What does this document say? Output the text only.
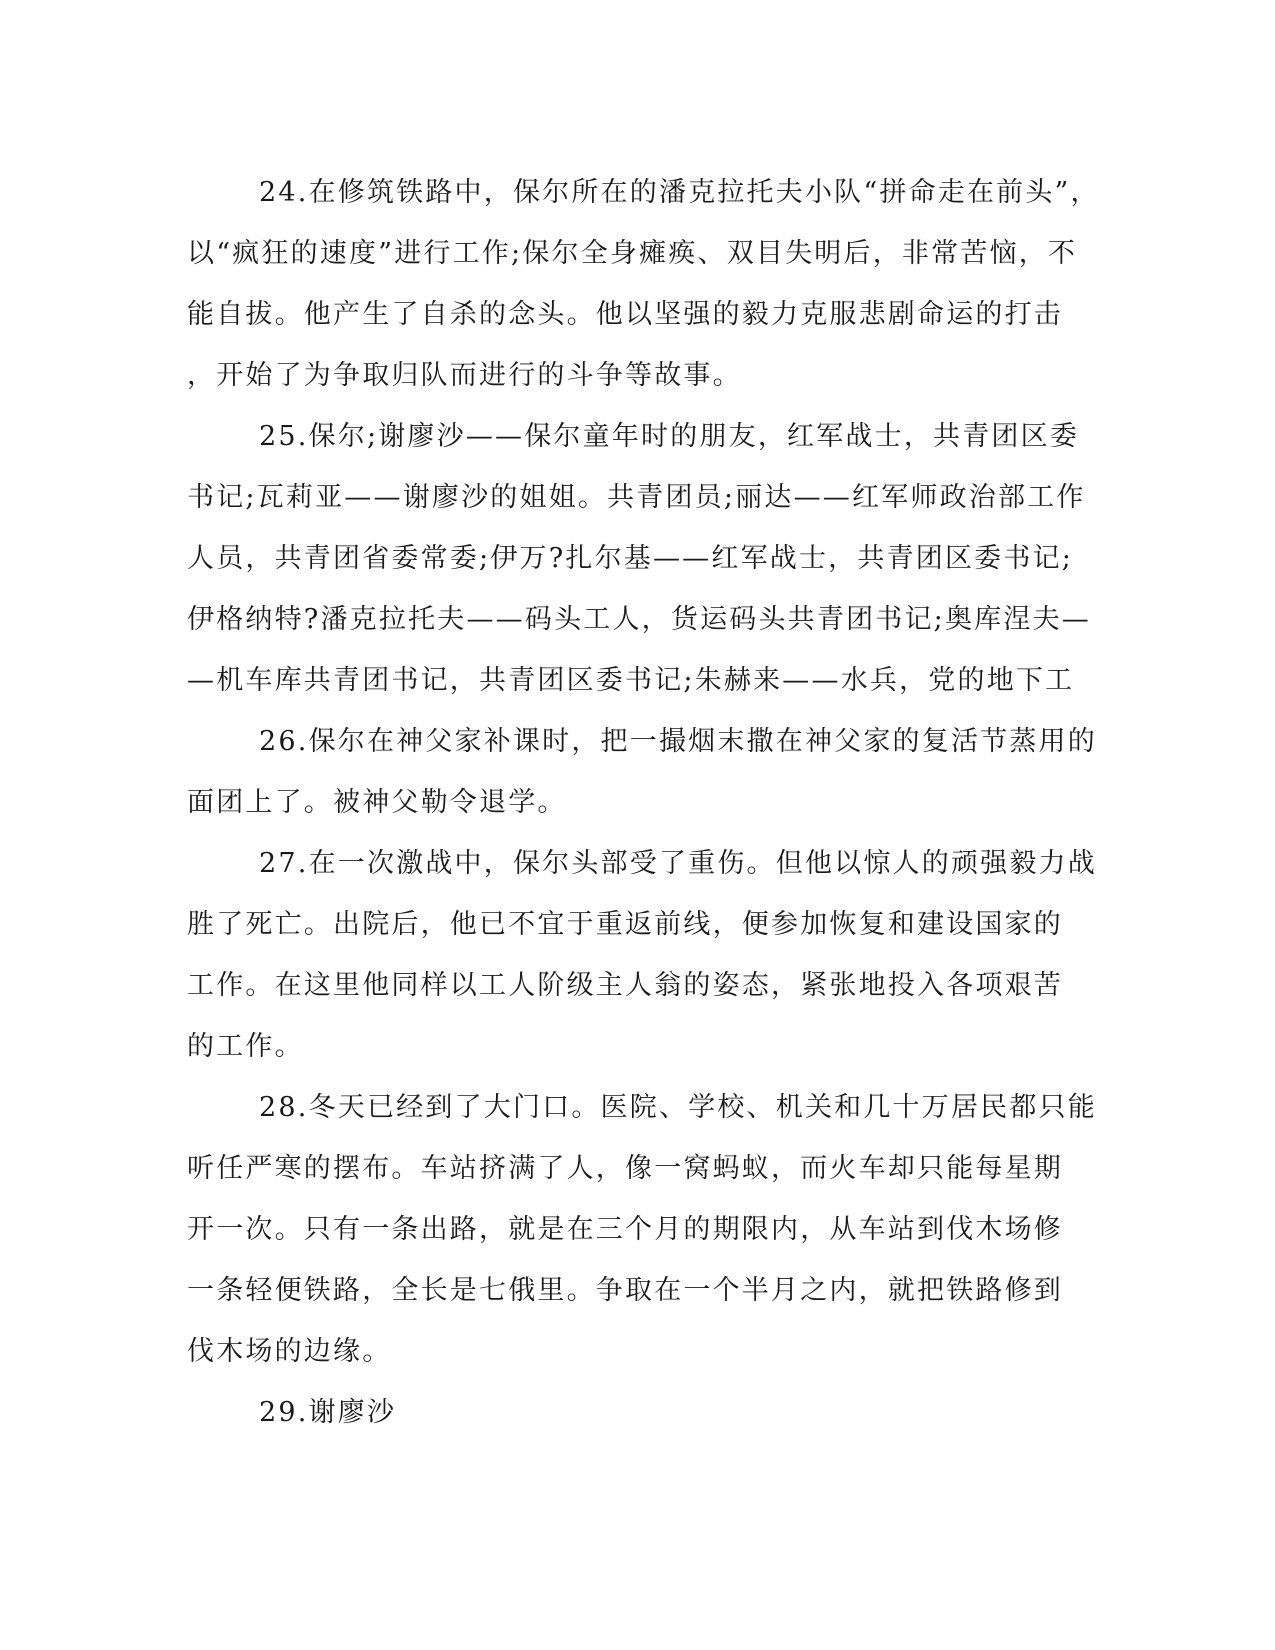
24.在修筑铁路中，保尔所在的潘克拉托夫小队“拼命走在前头”，
以“疯狂的速度”进行工作;保尔全身瘫痪、双目失明后，非常苦恼，不
能自拔。他产生了自杀的念头。他以坚强的毅力克服悲剧命运的打击
，开始了为争取归队而进行的斗争等故事。
25.保尔;谢廖沙——保尔童年时的朋友，红军战士，共青团区委
书记;瓦莉亚——谢廖沙的姐姐。共青团员;丽达——红军师政治部工作
人员，共青团省委常委;伊万?扎尔基——红军战士，共青团区委书记;
伊格纳特?潘克拉托夫——码头工人，货运码头共青团书记;奥库涅夫—
—机车库共青团书记，共青团区委书记;朱赫来——水兵，党的地下工
26.保尔在神父家补课时，把一撮烟末撒在神父家的复活节蒸用的
面团上了。被神父勒令退学。
27.在一次激战中，保尔头部受了重伤。但他以惊人的顽强毅力战
胜了死亡。出院后，他已不宜于重返前线，便参加恢复和建设国家的
工作。在这里他同样以工人阶级主人翁的姿态，紧张地投入各项艰苦
的工作。
28.冬天已经到了大门口。医院、学校、机关和几十万居民都只能
听任严寒的摆布。车站挤满了人，像一窝蚂蚁，而火车却只能每星期
开一次。只有一条出路，就是在三个月的期限内，从车站到伐木场修
一条轻便铁路，全长是七俄里。争取在一个半月之内，就把铁路修到
伐木场的边缘。
29.谢廖沙
